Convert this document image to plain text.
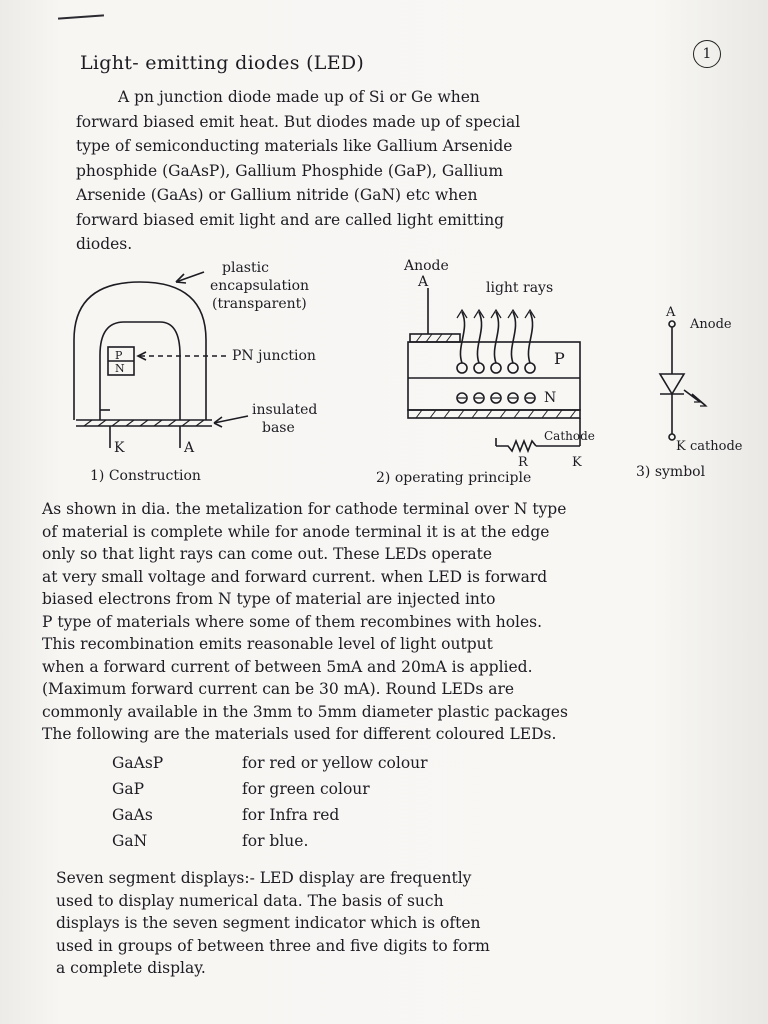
1
Light- emitting diodes (LED)

A pn junction diode made up of Si or Ge when
forward biased emit heat. But diodes made up of special
type of semiconducting materials like Gallium Arsenide
phosphide (GaAsP), Gallium Phosphide (GaP), Gallium
Arsenide (GaAs) or Gallium nitride (GaN) etc when
forward biased emit light and are called light emitting
diodes.

plastic
encapsulation
(transparent)
P
N
PN junction
insulated
base
K	A
1) Construction
Anode
A	light rays
P
N
Cathode
R	K
2) operating principle
A
Anode
K cathode
3) symbol

As shown in dia. the metalization for cathode terminal over N type
of material is complete while for anode terminal it is at the edge
only so that light rays can come out. These LEDs operate
at very small voltage and forward current. when LED is forward
biased electrons from N type of material are injected into
P type of materials where some of them recombines with holes.
This recombination emits reasonable level of light output
when a forward current of between 5mA and 20mA is applied.
(Maximum forward current can be 30 mA). Round LEDs are
commonly available in the 3mm to 5mm diameter plastic packages
The following are the materials used for different coloured LEDs.

GaAsP	for red or yellow colour
GaP	for green colour
GaAs	for Infra red
GaN	for blue.

Seven segment displays:- LED display are frequently
used to display numerical data. The basis of such
displays is the seven segment indicator which is often
used in groups of between three and five digits to form
a complete display.
